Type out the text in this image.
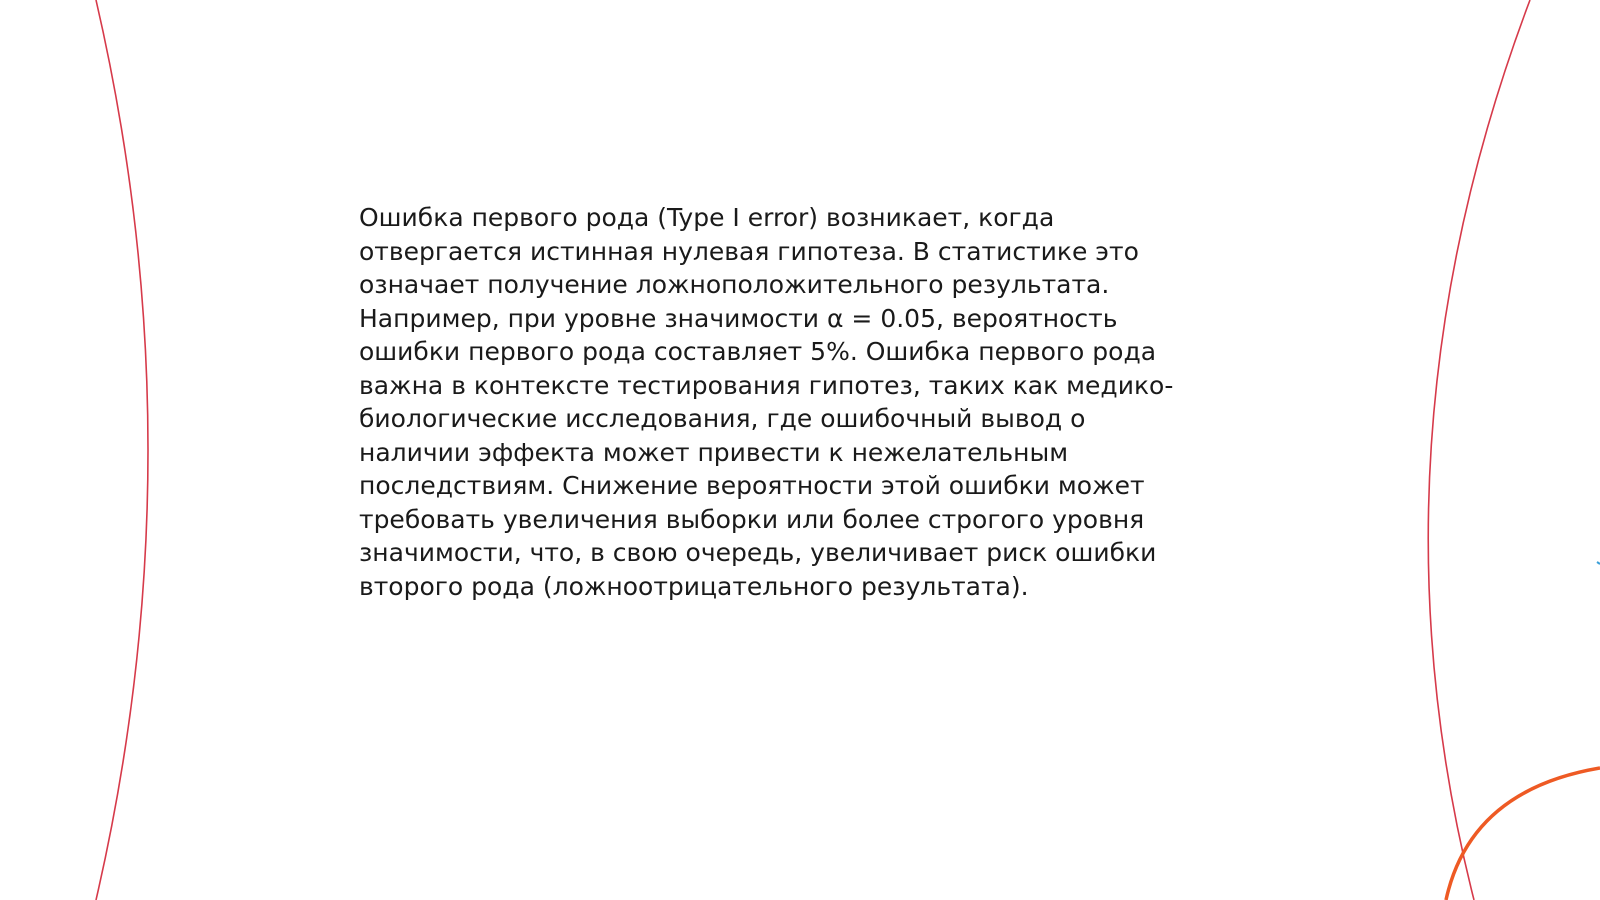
Ошибка первого рода (Type I error) возникает, когда
отвергается истинная нулевая гипотеза. В статистике это
означает получение ложноположительного результата.
Например, при уровне значимости α = 0.05, вероятность
ошибки первого рода составляет 5%. Ошибка первого рода
важна в контексте тестирования гипотез, таких как медико-
биологические исследования, где ошибочный вывод о
наличии эффекта может привести к нежелательным
последствиям. Снижение вероятности этой ошибки может
требовать увеличения выборки или более строгого уровня
значимости, что, в свою очередь, увеличивает риск ошибки
второго рода (ложноотрицательного результата).
